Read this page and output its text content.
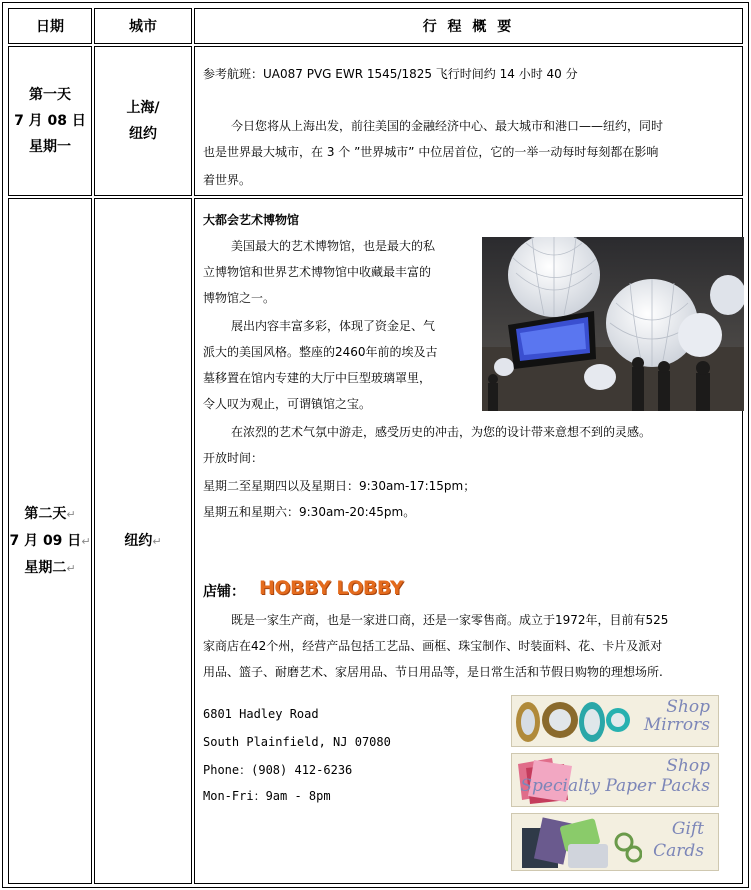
日期	城市	行 程 概 要
第一天
7 月 08 日
星期一
上海/
纽约
参考航班：UA087 PVG EWR 1545/1825 飞行时间约 14 小时 40 分
今日您将从上海出发，前往美国的金融经济中心、最大城市和港口——纽约，同时
也是世界最大城市，在 3 个 ”世界城市” 中位居首位，它的一举一动每时每刻都在影响
着世界。
第二天↵
7 月 09 日↵
星期二↵
纽约↵
大都会艺术博物馆
美国最大的艺术博物馆，也是最大的私
立博物馆和世界艺术博物馆中收藏最丰富的
博物馆之一。
展出内容丰富多彩，体现了资金足、气
派大的美国风格。整座的2460年前的埃及古
墓移置在馆内专建的大厅中巨型玻璃罩里，
令人叹为观止，可谓镇馆之宝。
在浓烈的艺术气氛中游走，感受历史的冲击，为您的设计带来意想不到的灵感。
开放时间：
星期二至星期四以及星期日：9:30am-17:15pm；
星期五和星期六：9:30am-20:45pm。
店铺： HOBBY LOBBY
既是一家生产商，也是一家进口商，还是一家零售商。成立于1972年，目前有525
家商店在42个州，经营产品包括工艺品、画框、珠宝制作、时装面料、花、卡片及派对
用品、篮子、耐磨艺术、家居用品、节日用品等，是日常生活和节假日购物的理想场所.
6801 Hadley Road
South Plainfield, NJ 07080
Phone：(908) 412-6236
Mon-Fri：9am - 8pm
Shop
Mirrors
Shop
Specialty Paper Packs
Gift
Cards
